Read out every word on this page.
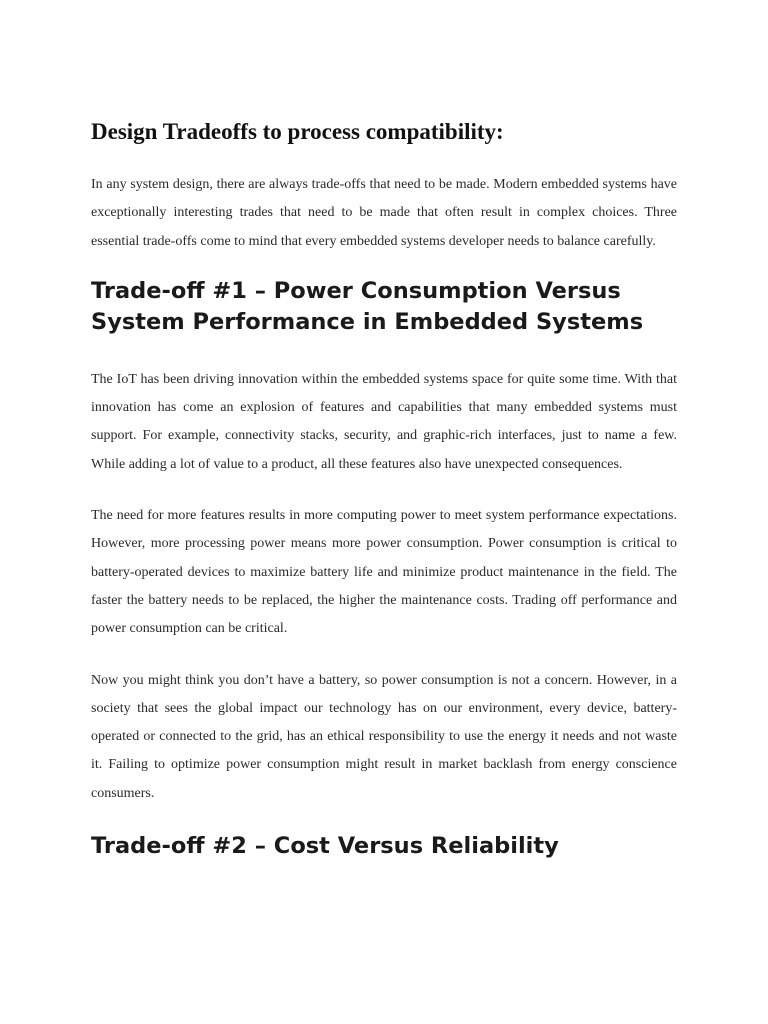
Design Tradeoffs to process compatibility:

In any system design, there are always trade-offs that need to be made. Modern embedded systems have exceptionally interesting trades that need to be made that often result in complex choices. Three essential trade-offs come to mind that every embedded systems developer needs to balance carefully.

Trade-off #1 – Power Consumption Versus System Performance in Embedded Systems

The IoT has been driving innovation within the embedded systems space for quite some time. With that innovation has come an explosion of features and capabilities that many embedded systems must support. For example, connectivity stacks, security, and graphic-rich interfaces, just to name a few. While adding a lot of value to a product, all these features also have unexpected consequences.

The need for more features results in more computing power to meet system performance expectations. However, more processing power means more power consumption. Power consumption is critical to battery-operated devices to maximize battery life and minimize product maintenance in the field. The faster the battery needs to be replaced, the higher the maintenance costs. Trading off performance and power consumption can be critical.

Now you might think you don’t have a battery, so power consumption is not a concern. However, in a society that sees the global impact our technology has on our environment, every device, battery-operated or connected to the grid, has an ethical responsibility to use the energy it needs and not waste it. Failing to optimize power consumption might result in market backlash from energy conscience consumers.

Trade-off #2 – Cost Versus Reliability
